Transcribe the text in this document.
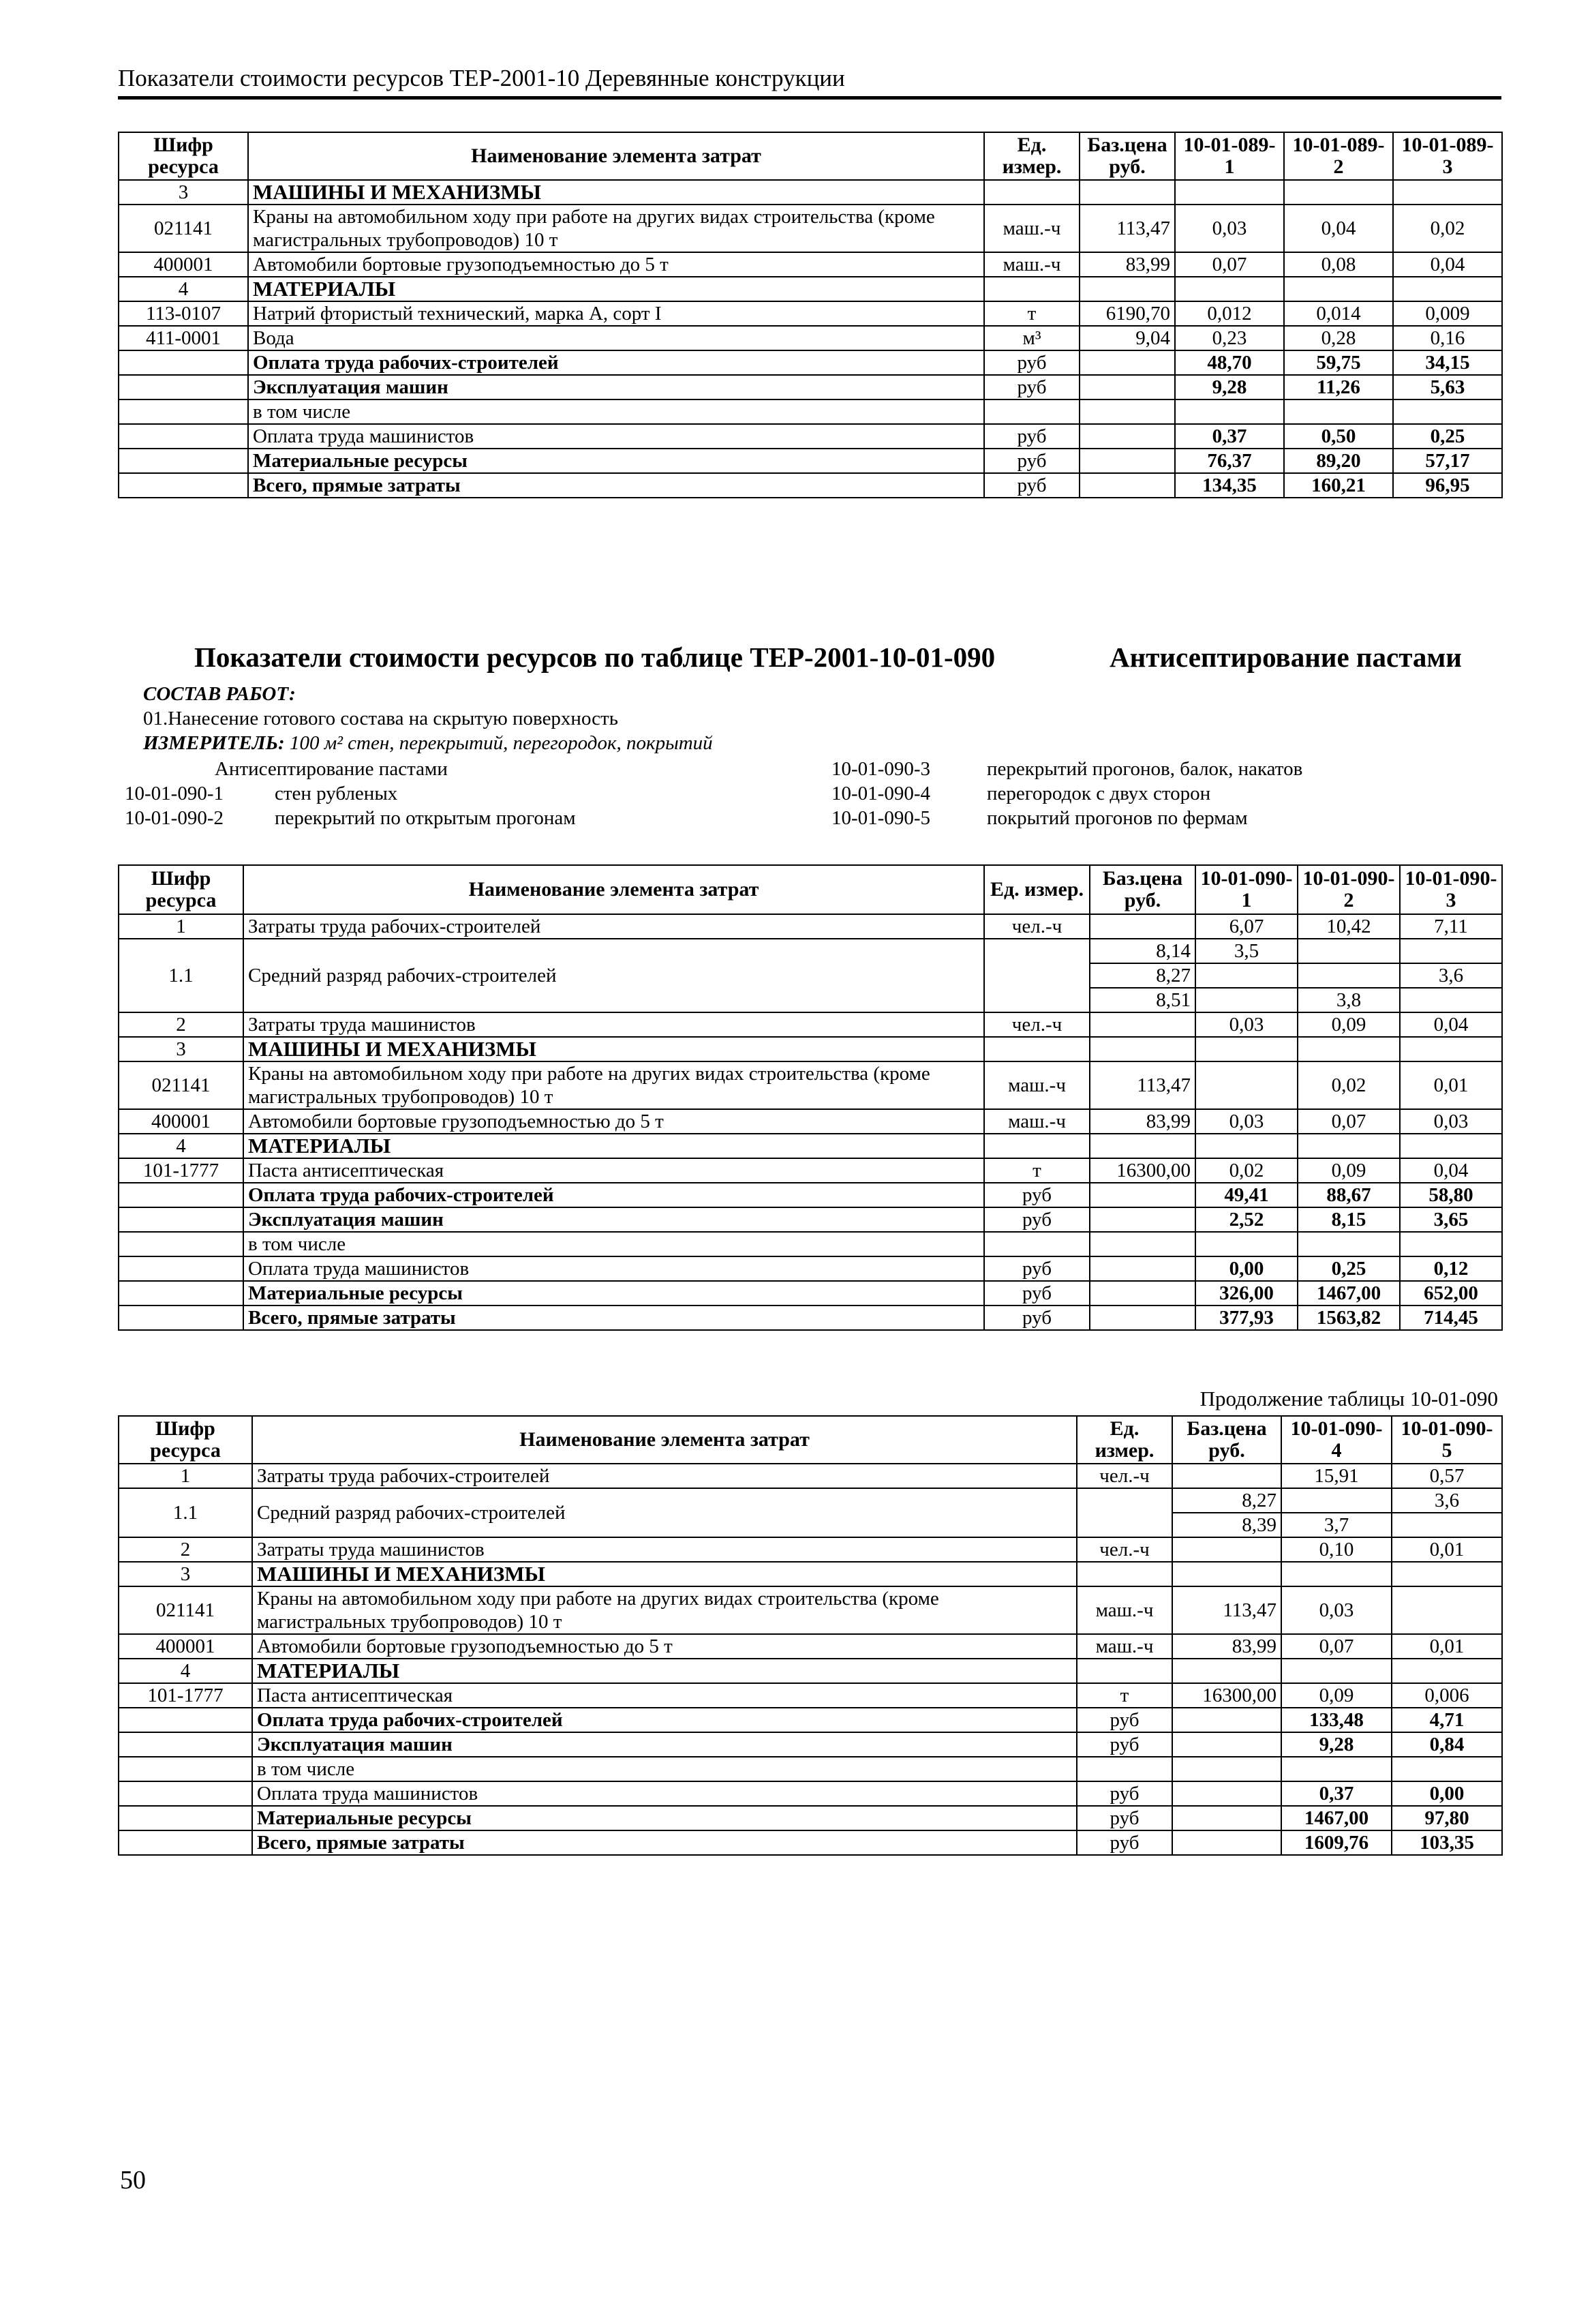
Показатели стоимости ресурсов ТЕР-2001-10 Деревянные конструкции
Шифр ресурса	Наименование элемента затрат	Ед. измер.	Баз.цена руб.	10-01-089-1	10-01-089-2	10-01-089-3
3	МАШИНЫ И МЕХАНИЗМЫ					
021141	Краны на автомобильном ходу при работе на других видах строительства (кроме магистральных трубопроводов) 10 т	маш.-ч	113,47	0,03	0,04	0,02
400001	Автомобили бортовые грузоподъемностью до 5 т	маш.-ч	83,99	0,07	0,08	0,04
4	МАТЕРИАЛЫ					
113-0107	Натрий фтористый технический, марка А, сорт I	т	6190,70	0,012	0,014	0,009
411-0001	Вода	м³	9,04	0,23	0,28	0,16
	Оплата труда рабочих-строителей	руб		48,70	59,75	34,15
	Эксплуатация машин	руб		9,28	11,26	5,63
	в том числе					
	Оплата труда машинистов	руб		0,37	0,50	0,25
	Материальные ресурсы	руб		76,37	89,20	57,17
	Всего, прямые затраты	руб		134,35	160,21	96,95
Показатели стоимости ресурсов по таблице ТЕР-2001-10-01-090	Антисептирование пастами
СОСТАВ РАБОТ:
01.Нанесение готового состава на скрытую поверхность
ИЗМЕРИТЕЛЬ: 100 м² стен, перекрытий, перегородок, покрытий
Антисептирование пастами
10-01-090-1	стен рубленых
10-01-090-2	перекрытий по открытым прогонам
10-01-090-3	перекрытий прогонов, балок, накатов
10-01-090-4	перегородок с двух сторон
10-01-090-5	покрытий прогонов по фермам
Шифр ресурса	Наименование элемента затрат	Ед. измер.	Баз.цена руб.	10-01-090-1	10-01-090-2	10-01-090-3
1	Затраты труда рабочих-строителей	чел.-ч		6,07	10,42	7,11
1.1	Средний разряд рабочих-строителей		8,14	3,5		
			8,27			3,6
			8,51		3,8	
2	Затраты труда машинистов	чел.-ч		0,03	0,09	0,04
3	МАШИНЫ И МЕХАНИЗМЫ					
021141	Краны на автомобильном ходу при работе на других видах строительства (кроме магистральных трубопроводов) 10 т	маш.-ч	113,47		0,02	0,01
400001	Автомобили бортовые грузоподъемностью до 5 т	маш.-ч	83,99	0,03	0,07	0,03
4	МАТЕРИАЛЫ					
101-1777	Паста антисептическая	т	16300,00	0,02	0,09	0,04
	Оплата труда рабочих-строителей	руб		49,41	88,67	58,80
	Эксплуатация машин	руб		2,52	8,15	3,65
	в том числе					
	Оплата труда машинистов	руб		0,00	0,25	0,12
	Материальные ресурсы	руб		326,00	1467,00	652,00
	Всего, прямые затраты	руб		377,93	1563,82	714,45
Продолжение таблицы 10-01-090
Шифр ресурса	Наименование элемента затрат	Ед. измер.	Баз.цена руб.	10-01-090-4	10-01-090-5
1	Затраты труда рабочих-строителей	чел.-ч		15,91	0,57
1.1	Средний разряд рабочих-строителей		8,27		3,6
			8,39	3,7	
2	Затраты труда машинистов	чел.-ч		0,10	0,01
3	МАШИНЫ И МЕХАНИЗМЫ				
021141	Краны на автомобильном ходу при работе на других видах строительства (кроме магистральных трубопроводов) 10 т	маш.-ч	113,47	0,03	
400001	Автомобили бортовые грузоподъемностью до 5 т	маш.-ч	83,99	0,07	0,01
4	МАТЕРИАЛЫ				
101-1777	Паста антисептическая	т	16300,00	0,09	0,006
	Оплата труда рабочих-строителей	руб		133,48	4,71
	Эксплуатация машин	руб		9,28	0,84
	в том числе				
	Оплата труда машинистов	руб		0,37	0,00
	Материальные ресурсы	руб		1467,00	97,80
	Всего, прямые затраты	руб		1609,76	103,35
50
